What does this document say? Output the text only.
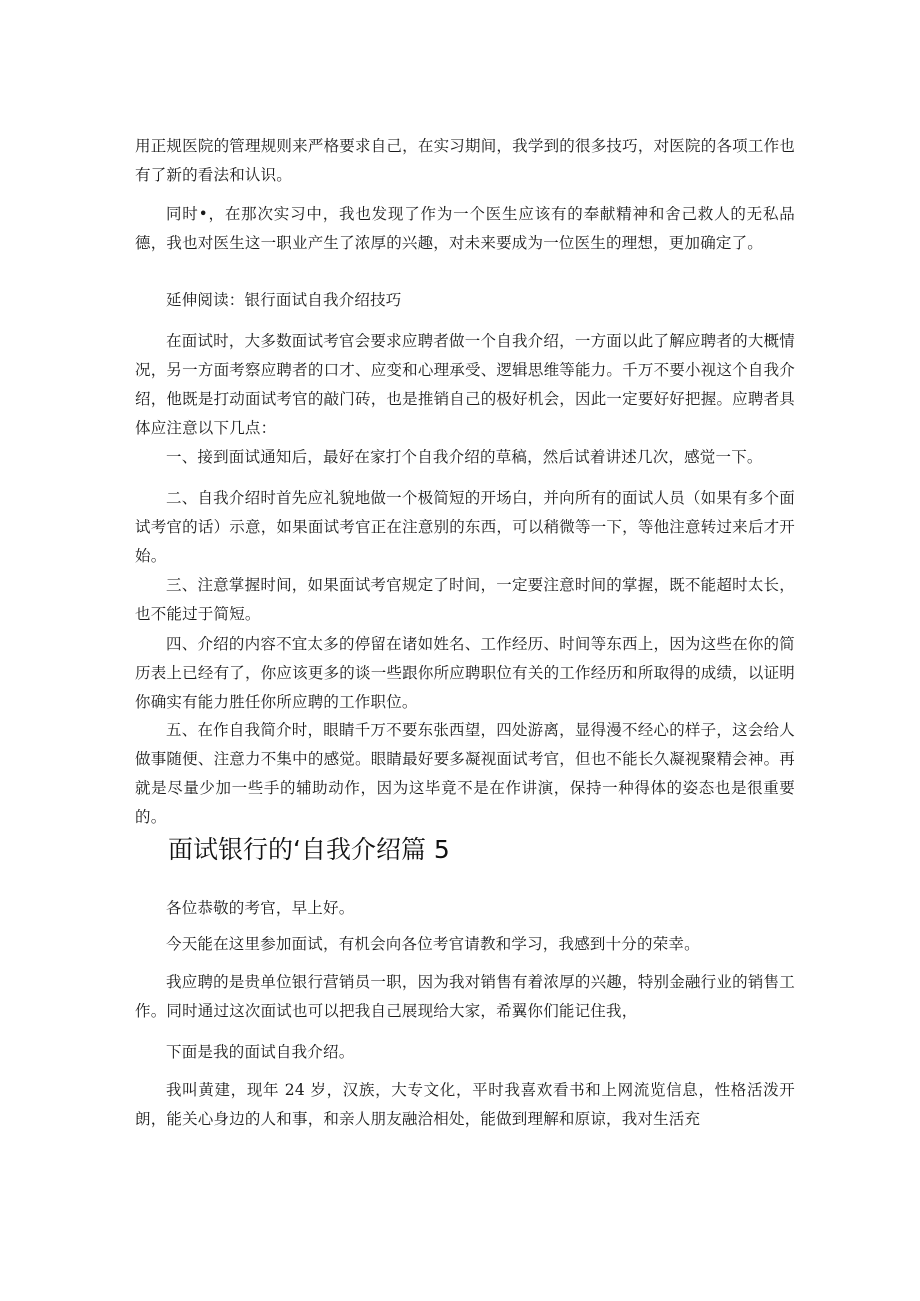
用正规医院的管理规则来严格要求自己，在实习期间，我学到的很多技巧，对医院的各项工作也有了新的看法和认识。

同时•，在那次实习中，我也发现了作为一个医生应该有的奉献精神和舍己救人的无私品德，我也对医生这一职业产生了浓厚的兴趣，对未来要成为一位医生的理想，更加确定了。

延伸阅读：银行面试自我介绍技巧

在面试时，大多数面试考官会要求应聘者做一个自我介绍，一方面以此了解应聘者的大概情况，另一方面考察应聘者的口才、应变和心理承受、逻辑思维等能力。千万不要小视这个自我介绍，他既是打动面试考官的敲门砖，也是推销自己的极好机会，因此一定要好好把握。应聘者具体应注意以下几点：

一、接到面试通知后，最好在家打个自我介绍的草稿，然后试着讲述几次，感觉一下。

二、自我介绍时首先应礼貌地做一个极简短的开场白，并向所有的面试人员（如果有多个面试考官的话）示意，如果面试考官正在注意别的东西，可以稍微等一下，等他注意转过来后才开始。

三、注意掌握时间，如果面试考官规定了时间，一定要注意时间的掌握，既不能超时太长，也不能过于简短。

四、介绍的内容不宜太多的停留在诸如姓名、工作经历、时间等东西上，因为这些在你的简历表上已经有了，你应该更多的谈一些跟你所应聘职位有关的工作经历和所取得的成绩，以证明你确实有能力胜任你所应聘的工作职位。

五、在作自我简介时，眼睛千万不要东张西望，四处游离，显得漫不经心的样子，这会给人做事随便、注意力不集中的感觉。眼睛最好要多凝视面试考官，但也不能长久凝视聚精会神。再就是尽量少加一些手的辅助动作，因为这毕竟不是在作讲演，保持一种得体的姿态也是很重要的。

面试银行的‘自我介绍篇 5

各位恭敬的考官，早上好。

今天能在这里参加面试，有机会向各位考官请教和学习，我感到十分的荣幸。

我应聘的是贵单位银行营销员一职，因为我对销售有着浓厚的兴趣，特别金融行业的销售工作。同时通过这次面试也可以把我自己展现给大家，希翼你们能记住我，

下面是我的面试自我介绍。

我叫黄建，现年 24 岁，汉族，大专文化，平时我喜欢看书和上网流览信息，性格活泼开朗，能关心身边的人和事，和亲人朋友融洽相处，能做到理解和原谅，我对生活充
